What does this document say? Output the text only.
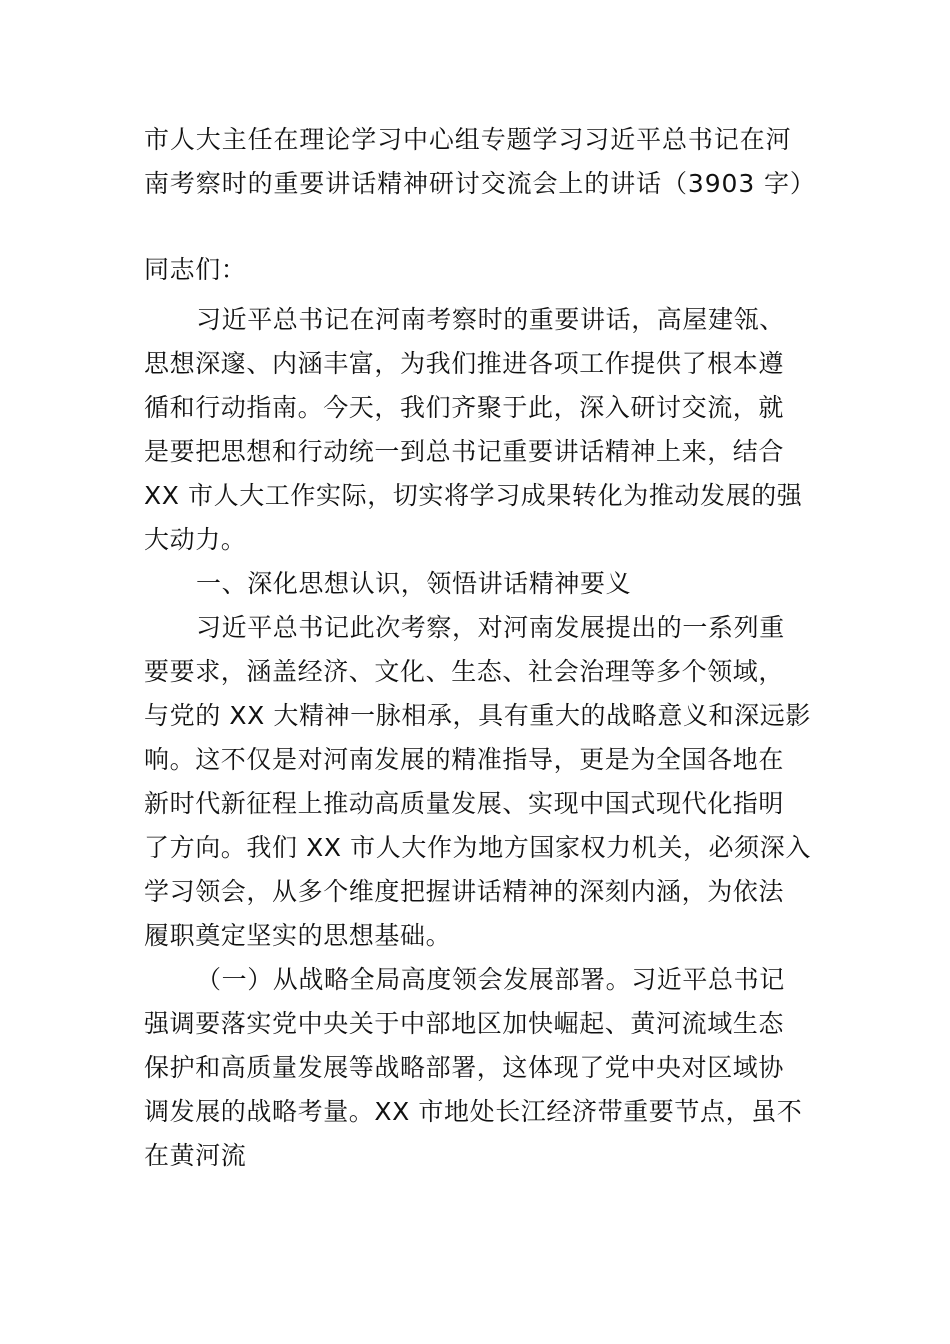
市人大主任在理论学习中心组专题学习习近平总书记在河
南考察时的重要讲话精神研讨交流会上的讲话（3903 字）
同志们：
习近平总书记在河南考察时的重要讲话，高屋建瓴、
思想深邃、内涵丰富，为我们推进各项工作提供了根本遵
循和行动指南。今天，我们齐聚于此，深入研讨交流，就
是要把思想和行动统一到总书记重要讲话精神上来，结合
XX 市人大工作实际，切实将学习成果转化为推动发展的强
大动力。
一、深化思想认识，领悟讲话精神要义
习近平总书记此次考察，对河南发展提出的一系列重
要要求，涵盖经济、文化、生态、社会治理等多个领域，
与党的 XX 大精神一脉相承，具有重大的战略意义和深远影
响。这不仅是对河南发展的精准指导，更是为全国各地在
新时代新征程上推动高质量发展、实现中国式现代化指明
了方向。我们 XX 市人大作为地方国家权力机关，必须深入
学习领会，从多个维度把握讲话精神的深刻内涵，为依法
履职奠定坚实的思想基础。
（一）从战略全局高度领会发展部署。习近平总书记
强调要落实党中央关于中部地区加快崛起、黄河流域生态
保护和高质量发展等战略部署，这体现了党中央对区域协
调发展的战略考量。XX 市地处长江经济带重要节点，虽不
在黄河流
